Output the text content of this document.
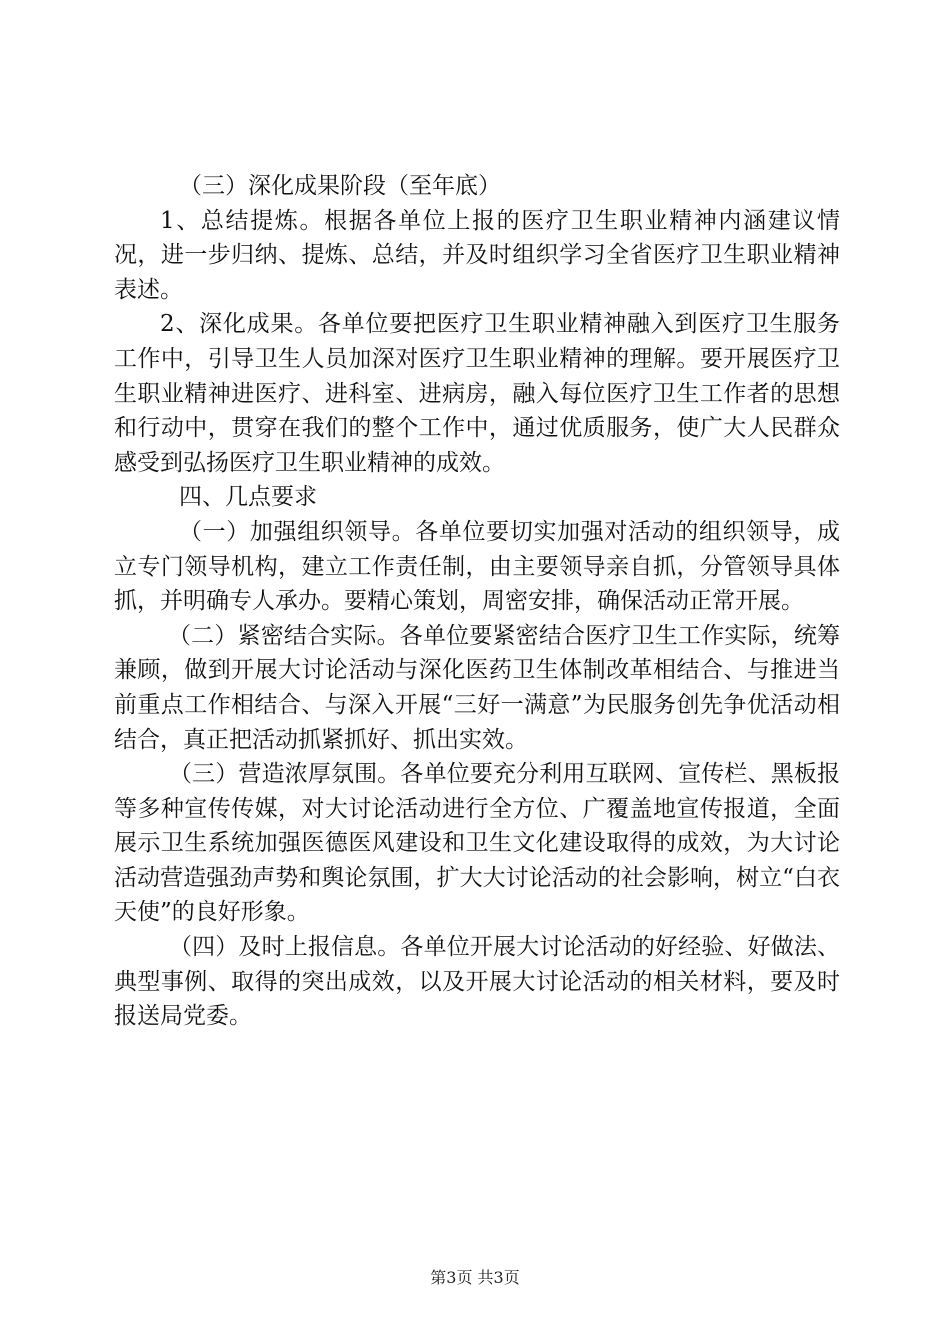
（三）深化成果阶段（至年底）

1、总结提炼。根据各单位上报的医疗卫生职业精神内涵建议情况，进一步归纳、提炼、总结，并及时组织学习全省医疗卫生职业精神表述。

2、深化成果。各单位要把医疗卫生职业精神融入到医疗卫生服务工作中，引导卫生人员加深对医疗卫生职业精神的理解。要开展医疗卫生职业精神进医疗、进科室、进病房，融入每位医疗卫生工作者的思想和行动中，贯穿在我们的整个工作中，通过优质服务，使广大人民群众感受到弘扬医疗卫生职业精神的成效。

四、几点要求

（一）加强组织领导。各单位要切实加强对活动的组织领导，成立专门领导机构，建立工作责任制，由主要领导亲自抓，分管领导具体抓，并明确专人承办。要精心策划，周密安排，确保活动正常开展。

（二）紧密结合实际。各单位要紧密结合医疗卫生工作实际，统筹兼顾，做到开展大讨论活动与深化医药卫生体制改革相结合、与推进当前重点工作相结合、与深入开展“三好一满意”为民服务创先争优活动相结合，真正把活动抓紧抓好、抓出实效。

（三）营造浓厚氛围。各单位要充分利用互联网、宣传栏、黑板报等多种宣传传媒，对大讨论活动进行全方位、广覆盖地宣传报道，全面展示卫生系统加强医德医风建设和卫生文化建设取得的成效，为大讨论活动营造强劲声势和舆论氛围，扩大大讨论活动的社会影响，树立“白衣天使”的良好形象。

（四）及时上报信息。各单位开展大讨论活动的好经验、好做法、典型事例、取得的突出成效，以及开展大讨论活动的相关材料，要及时报送局党委。

第3页 共3页
